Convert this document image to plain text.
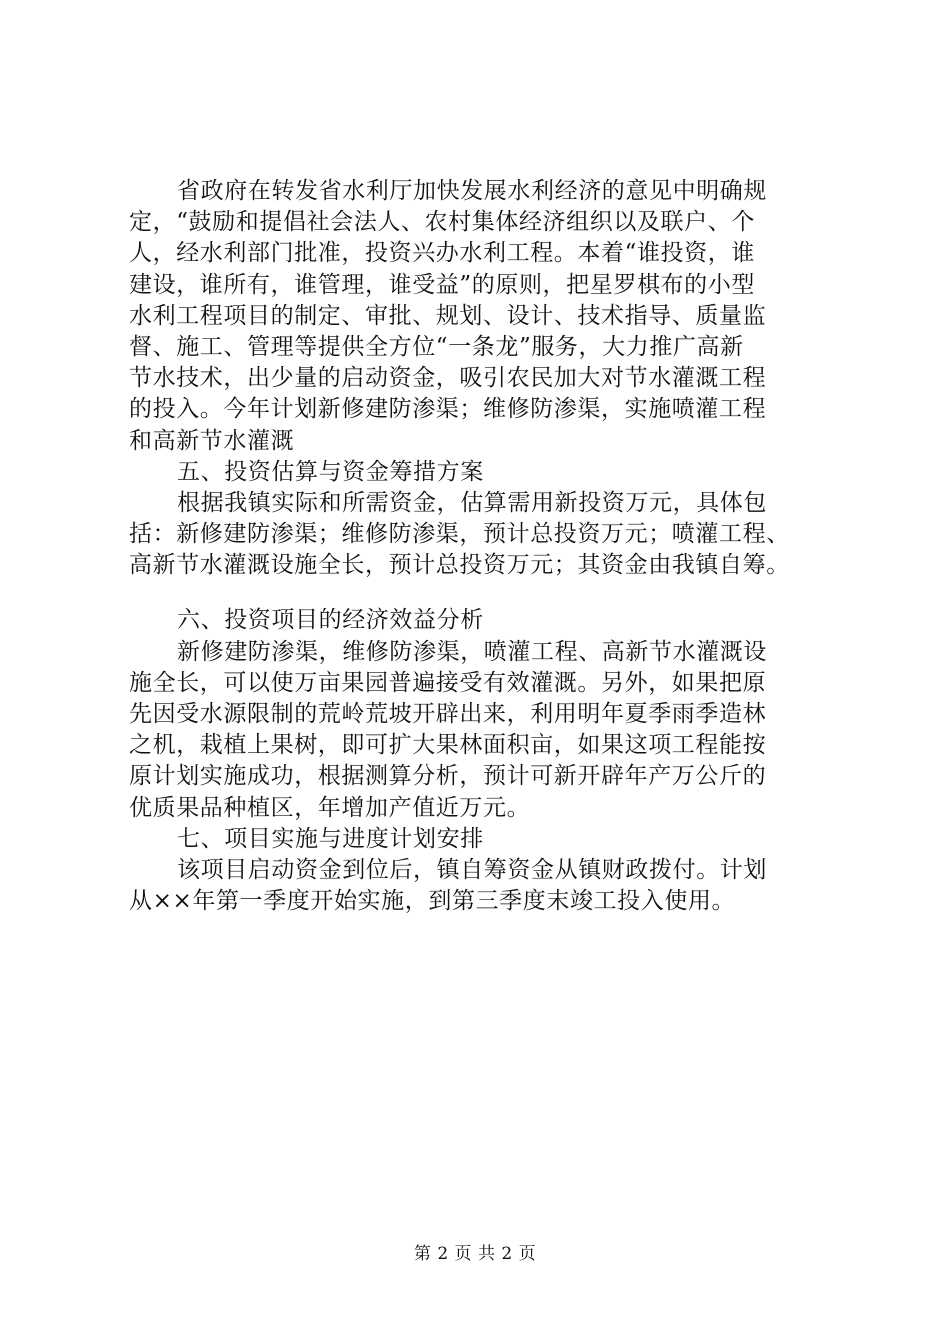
省政府在转发省水利厅加快发展水利经济的意见中明确规
定，“鼓励和提倡社会法人、农村集体经济组织以及联户、个
人，经水利部门批准，投资兴办水利工程。本着“谁投资，谁
建设，谁所有，谁管理，谁受益”的原则，把星罗棋布的小型
水利工程项目的制定、审批、规划、设计、技术指导、质量监
督、施工、管理等提供全方位“一条龙”服务，大力推广高新
节水技术，出少量的启动资金，吸引农民加大对节水灌溉工程
的投入。今年计划新修建防渗渠；维修防渗渠，实施喷灌工程
和高新节水灌溉
五、投资估算与资金筹措方案
根据我镇实际和所需资金，估算需用新投资万元，具体包
括：新修建防渗渠；维修防渗渠，预计总投资万元；喷灌工程、
高新节水灌溉设施全长，预计总投资万元；其资金由我镇自筹。
六、投资项目的经济效益分析
新修建防渗渠，维修防渗渠，喷灌工程、高新节水灌溉设
施全长，可以使万亩果园普遍接受有效灌溉。另外，如果把原
先因受水源限制的荒岭荒坡开辟出来，利用明年夏季雨季造林
之机，栽植上果树，即可扩大果林面积亩，如果这项工程能按
原计划实施成功，根据测算分析，预计可新开辟年产万公斤的
优质果品种植区，年增加产值近万元。
七、项目实施与进度计划安排
该项目启动资金到位后，镇自筹资金从镇财政拨付。计划
从××年第一季度开始实施，到第三季度末竣工投入使用。
第 2 页 共 2 页
